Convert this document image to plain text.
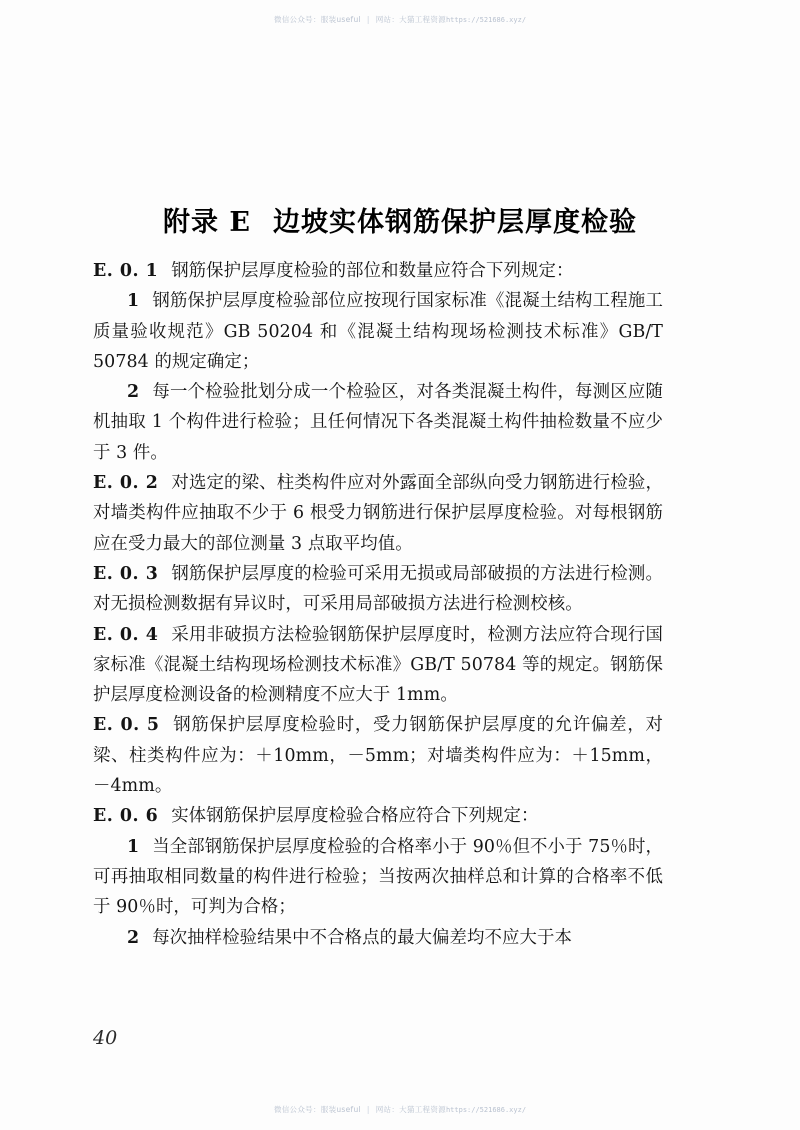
微信公众号：服装useful | 网站：大猫工程资源https://521686.xyz/
附录 E 边坡实体钢筋保护层厚度检验

E. 0. 1 钢筋保护层厚度检验的部位和数量应符合下列规定：

1 钢筋保护层厚度检验部位应按现行国家标准《混凝土结构工程施工质量验收规范》GB 50204 和《混凝土结构现场检测技术标准》GB/T 50784 的规定确定；

2 每一个检验批划分成一个检验区，对各类混凝土构件，每测区应随机抽取 1 个构件进行检验；且任何情况下各类混凝土构件抽检数量不应少于 3 件。

E. 0. 2 对选定的梁、柱类构件应对外露面全部纵向受力钢筋进行检验，对墙类构件应抽取不少于 6 根受力钢筋进行保护层厚度检验。对每根钢筋应在受力最大的部位测量 3 点取平均值。

E. 0. 3 钢筋保护层厚度的检验可采用无损或局部破损的方法进行检测。对无损检测数据有异议时，可采用局部破损方法进行检测校核。

E. 0. 4 采用非破损方法检验钢筋保护层厚度时，检测方法应符合现行国家标准《混凝土结构现场检测技术标准》GB/T 50784 等的规定。钢筋保护层厚度检测设备的检测精度不应大于 1mm。

E. 0. 5 钢筋保护层厚度检验时，受力钢筋保护层厚度的允许偏差，对梁、柱类构件应为：＋10mm，－5mm；对墙类构件应为：＋15mm，－4mm。

E. 0. 6 实体钢筋保护层厚度检验合格应符合下列规定：

1 当全部钢筋保护层厚度检验的合格率小于 90％但不小于 75％时，可再抽取相同数量的构件进行检验；当按两次抽样总和计算的合格率不低于 90％时，可判为合格；

2 每次抽样检验结果中不合格点的最大偏差均不应大于本

40
微信公众号：服装useful | 网站：大猫工程资源https://521686.xyz/
